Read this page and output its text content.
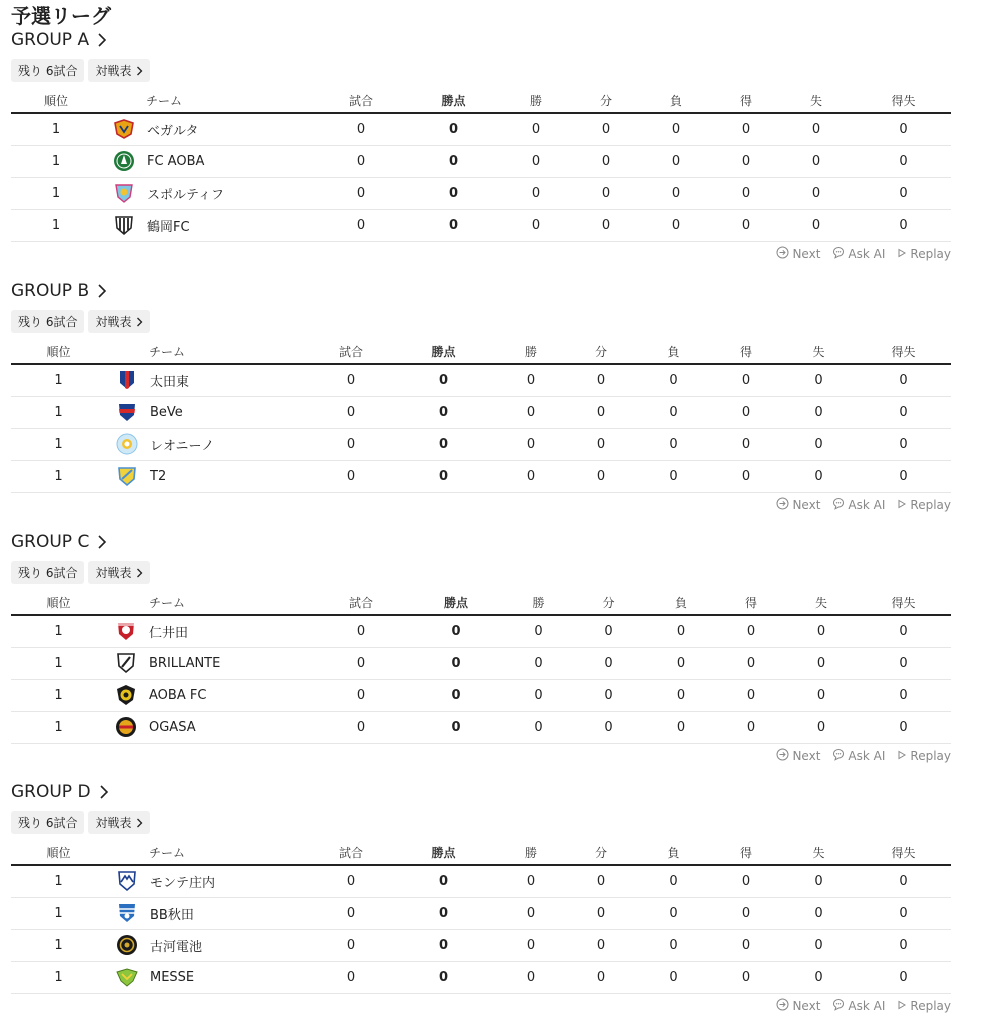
予選リーグ
GROUP A
残り 6試合 対戦表
順位	チーム	試合	勝点	勝	分	負	得	失	得失
1	ベガルタ	0	0	0	0	0	0	0	0
1	FC AOBA	0	0	0	0	0	0	0	0
1	スポルティフ	0	0	0	0	0	0	0	0
1	鶴岡FC	0	0	0	0	0	0	0	0
Next Ask AI Replay
GROUP B
残り 6試合 対戦表
順位	チーム	試合	勝点	勝	分	負	得	失	得失
1	太田東	0	0	0	0	0	0	0	0
1	BeVe	0	0	0	0	0	0	0	0
1	レオニーノ	0	0	0	0	0	0	0	0
1	T2	0	0	0	0	0	0	0	0
Next Ask AI Replay
GROUP C
残り 6試合 対戦表
順位	チーム	試合	勝点	勝	分	負	得	失	得失
1	仁井田	0	0	0	0	0	0	0	0
1	BRILLANTE	0	0	0	0	0	0	0	0
1	AOBA FC	0	0	0	0	0	0	0	0
1	OGASA	0	0	0	0	0	0	0	0
Next Ask AI Replay
GROUP D
残り 6試合 対戦表
順位	チーム	試合	勝点	勝	分	負	得	失	得失
1	モンテ庄内	0	0	0	0	0	0	0	0
1	BB秋田	0	0	0	0	0	0	0	0
1	古河電池	0	0	0	0	0	0	0	0
1	MESSE	0	0	0	0	0	0	0	0
Next Ask AI Replay
